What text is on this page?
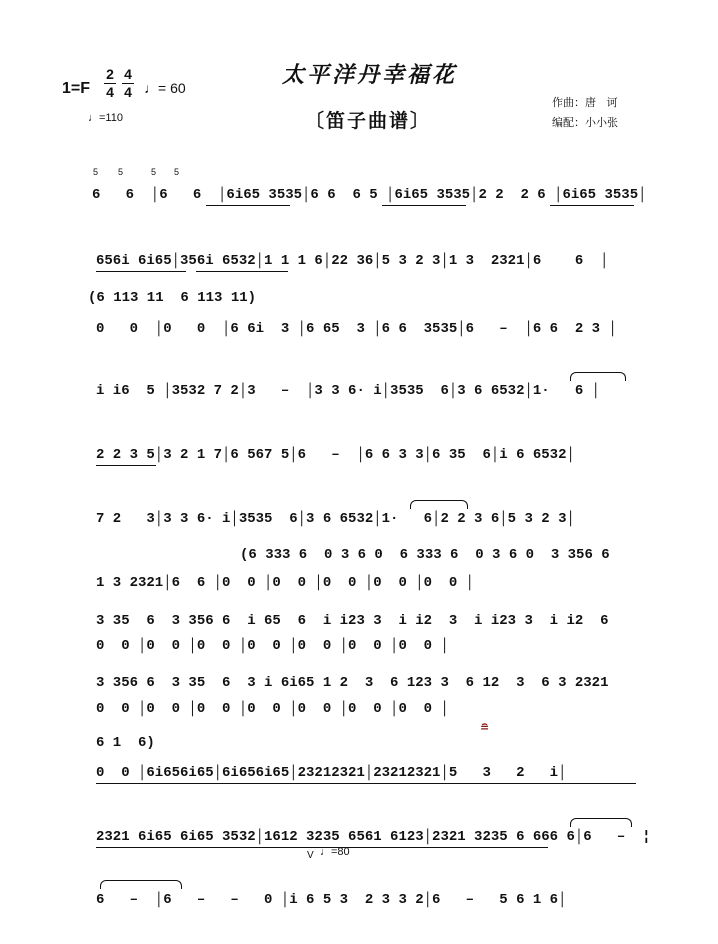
太平洋丹幸福花
〔笛子曲谱〕
1=F
2
4
4
4 ♩= 60
♩=110
作曲：唐   诃
编配：小小张
6   6  │6   6  │6i65 3535│6 6  6 5 │6i65 3535│2 2  2 6 │6i65 3535│
656i 6i65│356i 6532│1 1 1 6│22 36│5 3 2 3│1 3  2321│6    6  │
(6 113 11  6 113 11)
0   0  │0   0  │6 6i  3 │6 65  3 │6 6  3535│6   –  │6 6  2 3 │
i i6  5 │3532 7 2│3   –  │3 3 6· i│3535  6│3 6 6532│1·   6 │
2 2 3 5│3 2 1 7│6 567 5│6   –  │6 6 3 3│6 35  6│i 6 6532│
7 2   3│3 3 6· i│3535  6│3 6 6532│1·   6│2 2 3 6│5 3 2 3│
(6 333 6  0 3 6 0  6 333 6  0 3 6 0  3 356 6
1 3 2321│6  6 │0  0 │0  0 │0  0 │0  0 │0  0 │
3 35  6  3 356 6  i 65  6  i i23 3  i i2  3  i i23 3  i i2  6
0  0 │0  0 │0  0 │0  0 │0  0 │0  0 │0  0 │
3 356 6  3 35  6  3 i 6i65 1 2  3  6 123 3  6 12  3  6 3 2321
0  0 │0  0 │0  0 │0  0 │0  0 │0  0 │0  0 │
6 1  6)
0  0 │6i656i65│6i656i65│23212321│23212321│5   3   2   i│
2321 6i65 6i65 3532│1612 3235 6561 6123│2321 3235 6 666 6│6   –  ¦
6   –  │6   –   –   0 │i 6 5 3  2 3 3 2│6   –   5 6 1 6│
5 5	5 5
≘
V ♩=80
